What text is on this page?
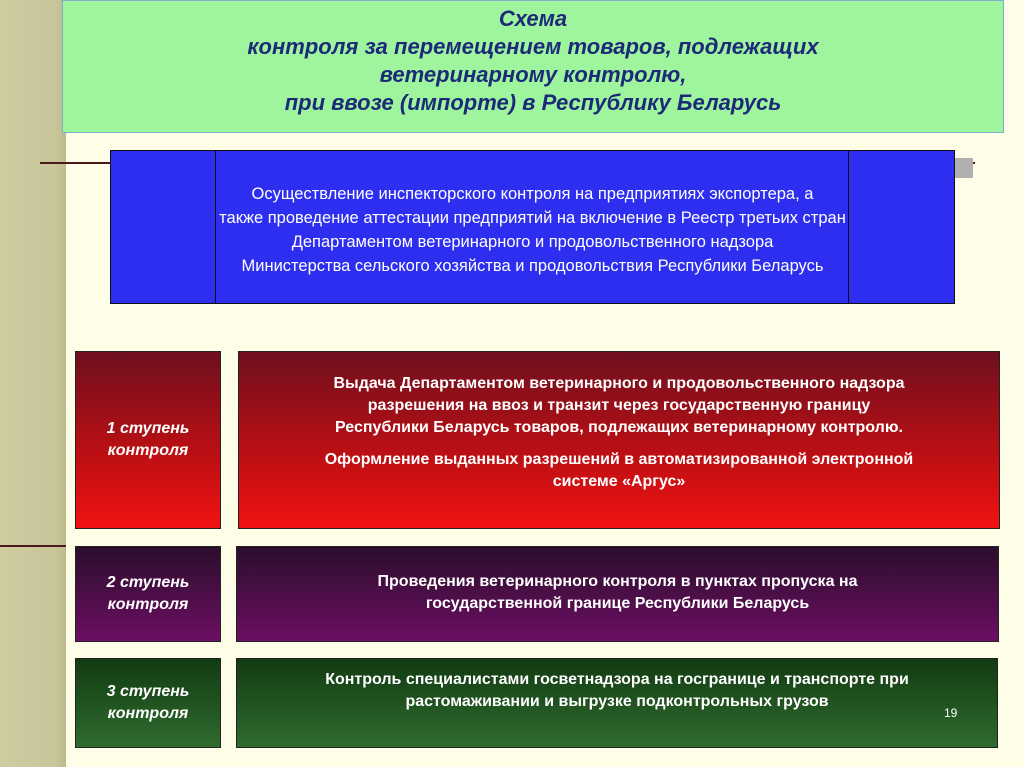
Схема
контроля за перемещением товаров, подлежащих
ветеринарному контролю,
при ввозе (импорте) в Республику Беларусь
Осуществление инспекторского контроля на предприятиях экспортера, а
также проведение аттестации предприятий на включение в Реестр третьих стран
Департаментом ветеринарного и продовольственного надзора
Министерства сельского хозяйства и продовольствия Республики Беларусь
1 ступень
контроля
Выдача Департаментом ветеринарного и продовольственного надзора
разрешения на ввоз и транзит через государственную границу
Республики Беларусь товаров, подлежащих ветеринарному контролю.
Оформление выданных разрешений в автоматизированной электронной
системе «Аргус»
2 ступень
контроля
Проведения ветеринарного контроля в пунктах пропуска на
государственной границе Республики Беларусь
3 ступень
контроля
Контроль специалистами госветнадзора на госгранице и транспорте при
растомаживании и выгрузке подконтрольных грузов
19
